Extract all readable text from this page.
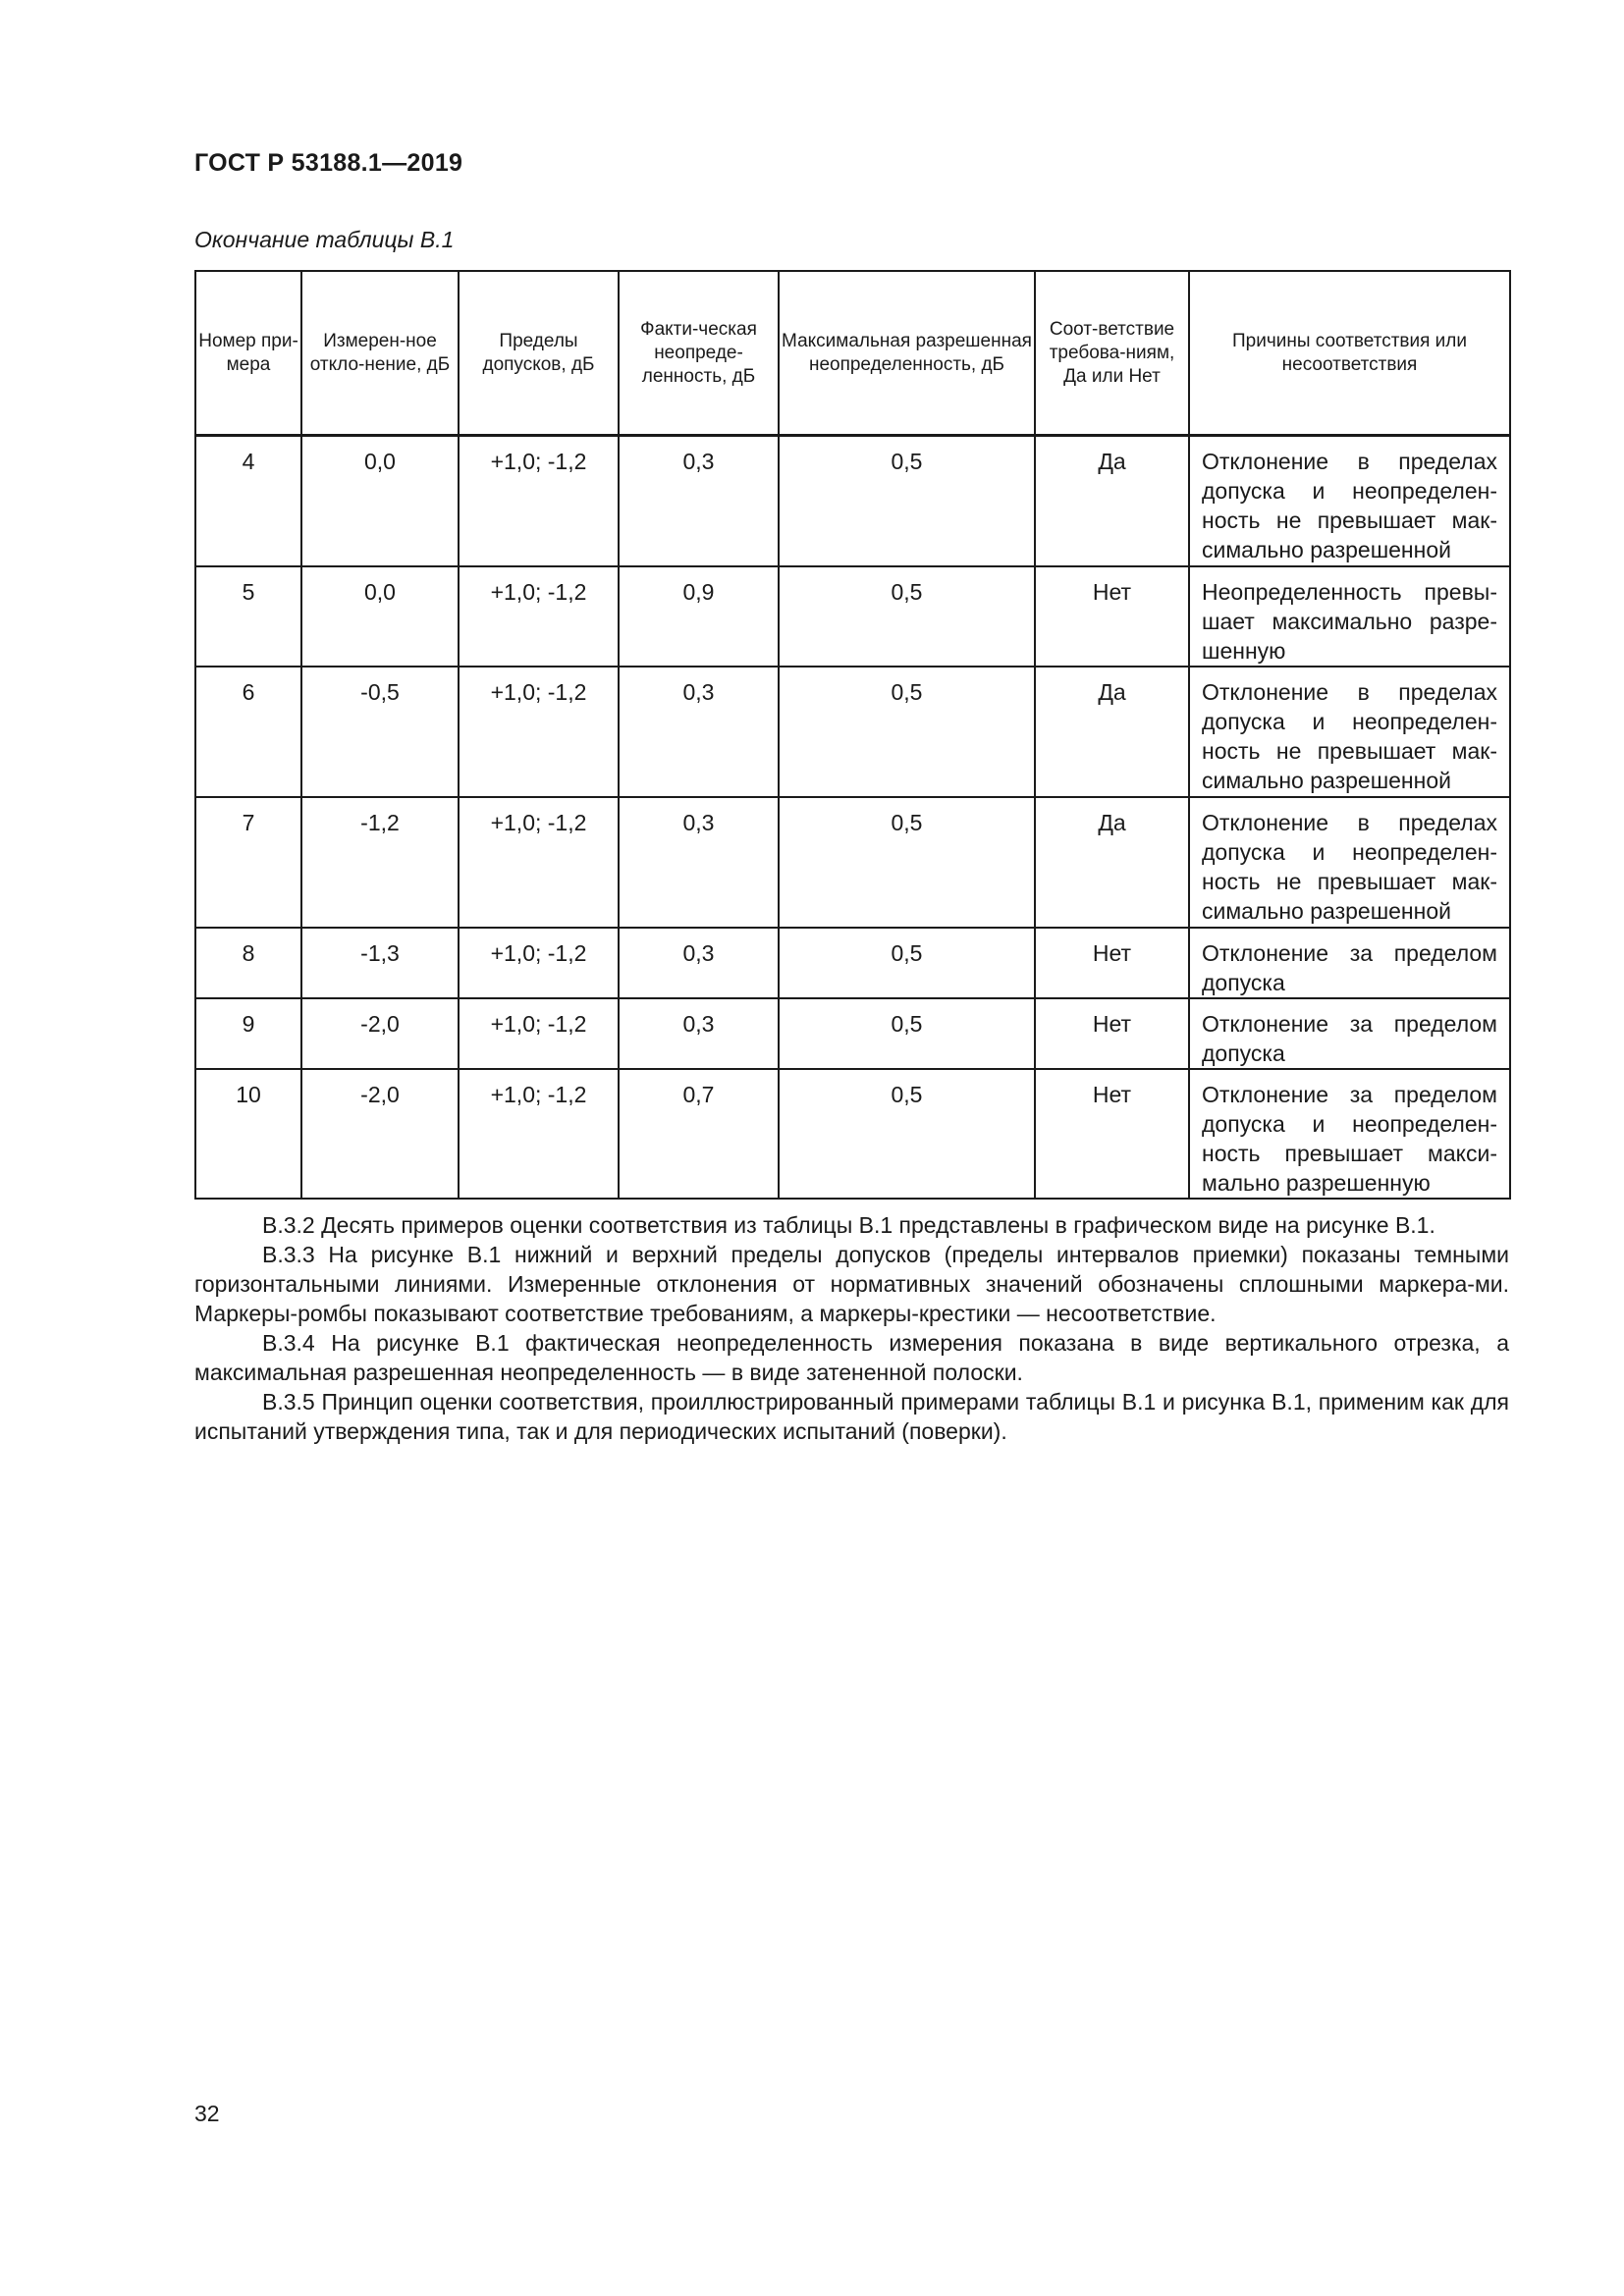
ГОСТ Р 53188.1—2019
Окончание таблицы В.1
Номер при-мера	Измерен-ное откло-нение, дБ	Пределы допусков, дБ	Факти-ческая неопреде-ленность, дБ	Максимальная разрешенная неопределенность, дБ	Соот-ветствие требова-ниям, Да или Нет	Причины соответствия или несоответствия
4	0,0	+1,0; -1,2	0,3	0,5	Да	Отклонение в пределах допуска и неопределен-ность не превышает мак-симально разрешенной
5	0,0	+1,0; -1,2	0,9	0,5	Нет	Неопределенность превы-шает максимально разре-шенную
6	-0,5	+1,0; -1,2	0,3	0,5	Да	Отклонение в пределах допуска и неопределен-ность не превышает мак-симально разрешенной
7	-1,2	+1,0; -1,2	0,3	0,5	Да	Отклонение в пределах допуска и неопределен-ность не превышает мак-симально разрешенной
8	-1,3	+1,0; -1,2	0,3	0,5	Нет	Отклонение за пределом допуска
9	-2,0	+1,0; -1,2	0,3	0,5	Нет	Отклонение за пределом допуска
10	-2,0	+1,0; -1,2	0,7	0,5	Нет	Отклонение за пределом допуска и неопределен-ность превышает макси-мально разрешенную

В.3.2 Десять примеров оценки соответствия из таблицы В.1 представлены в графическом виде на рисунке В.1.

В.3.3 На рисунке В.1 нижний и верхний пределы допусков (пределы интервалов приемки) показаны темными горизонтальными линиями. Измеренные отклонения от нормативных значений обозначены сплошными маркера-ми. Маркеры-ромбы показывают соответствие требованиям, а маркеры-крестики — несоответствие.

В.3.4 На рисунке В.1 фактическая неопределенность измерения показана в виде вертикального отрезка, а максимальная разрешенная неопределенность — в виде затененной полоски.

В.3.5 Принцип оценки соответствия, проиллюстрированный примерами таблицы В.1 и рисунка В.1, применим как для испытаний утверждения типа, так и для периодических испытаний (поверки).

32
